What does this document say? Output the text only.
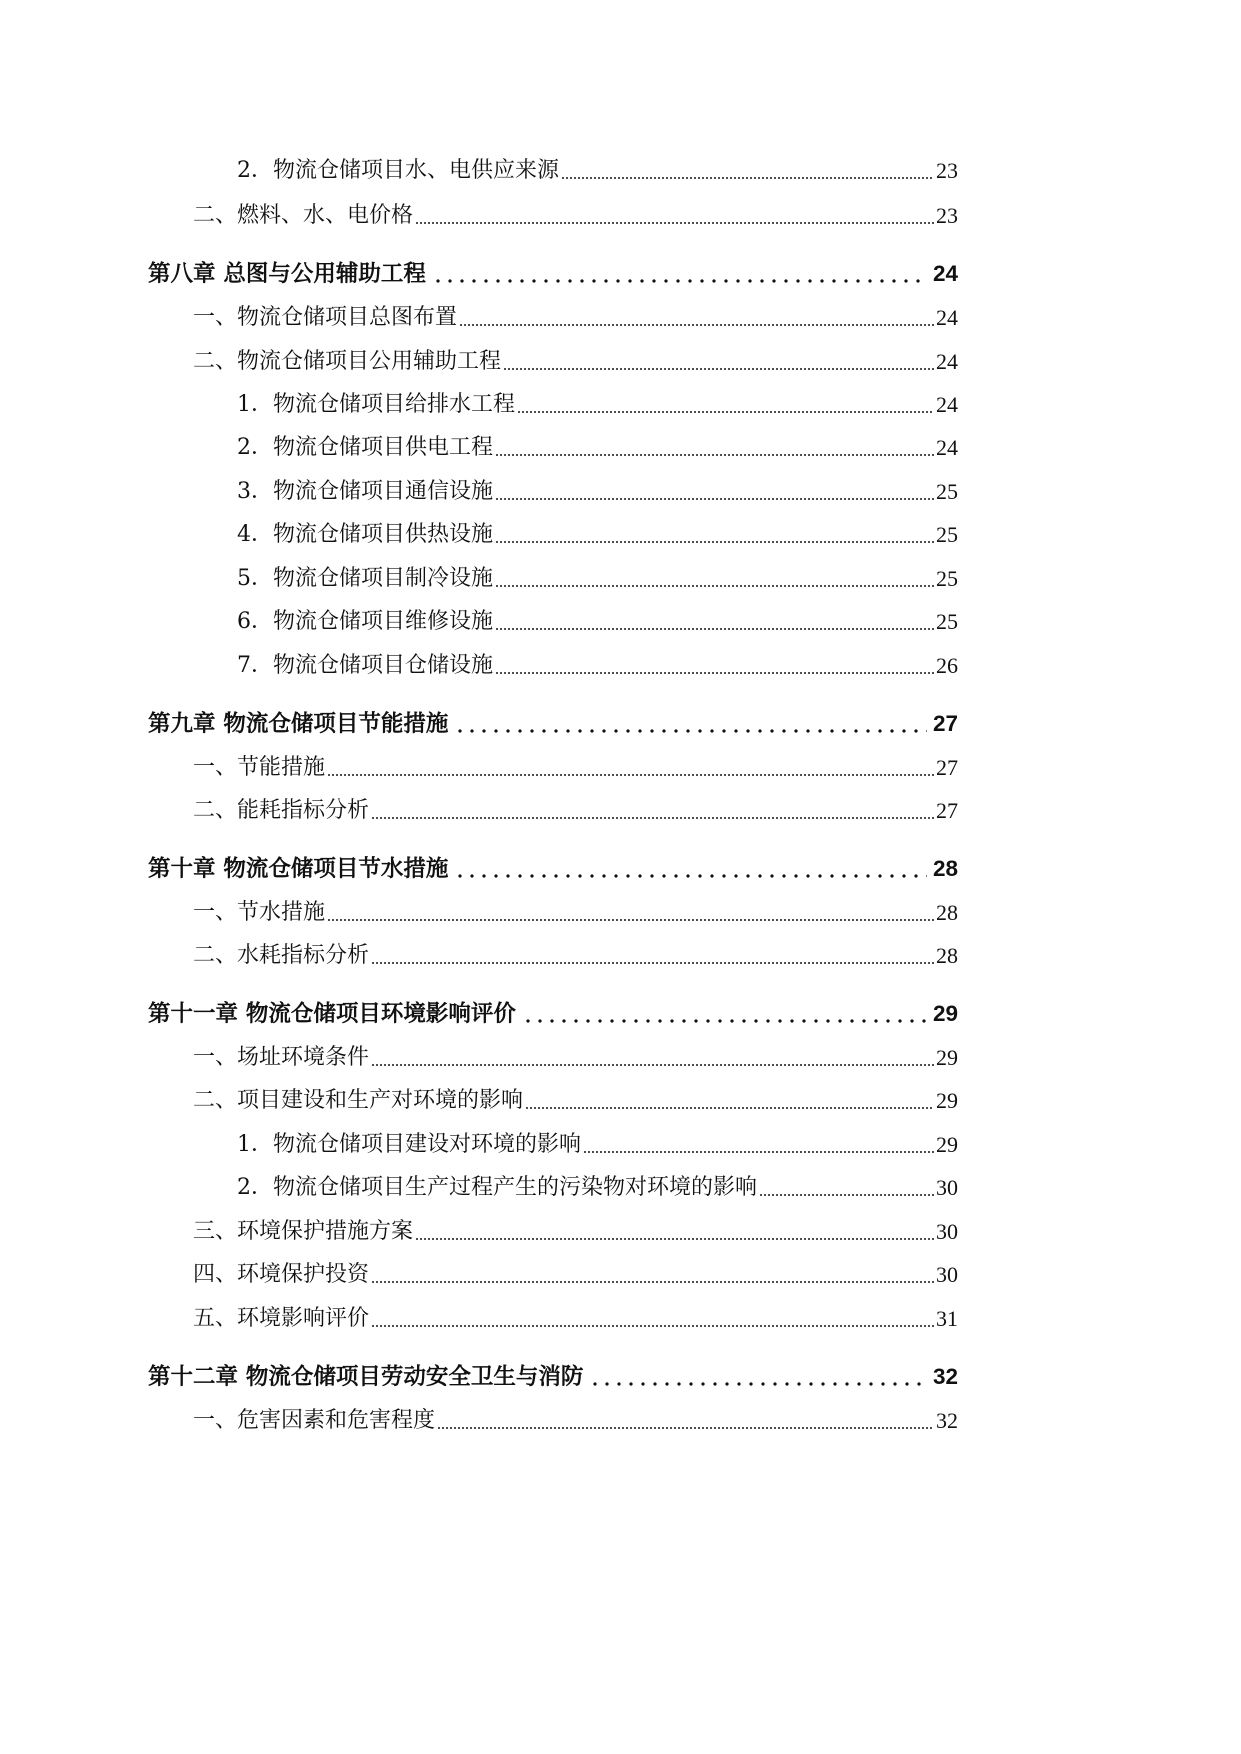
2．物流仓储项目水、电供应来源	23
二、燃料、水、电价格	23
第八章 总图与公用辅助工程	24
一、物流仓储项目总图布置	24
二、物流仓储项目公用辅助工程	24
1．物流仓储项目给排水工程	24
2．物流仓储项目供电工程	24
3．物流仓储项目通信设施	25
4．物流仓储项目供热设施	25
5．物流仓储项目制冷设施	25
6．物流仓储项目维修设施	25
7．物流仓储项目仓储设施	26
第九章 物流仓储项目节能措施	27
一、节能措施	27
二、能耗指标分析	27
第十章 物流仓储项目节水措施	28
一、节水措施	28
二、水耗指标分析	28
第十一章 物流仓储项目环境影响评价	29
一、场址环境条件	29
二、项目建设和生产对环境的影响	29
1．物流仓储项目建设对环境的影响	29
2．物流仓储项目生产过程产生的污染物对环境的影响	30
三、环境保护措施方案	30
四、环境保护投资	30
五、环境影响评价	31
第十二章 物流仓储项目劳动安全卫生与消防	32
一、危害因素和危害程度	32
